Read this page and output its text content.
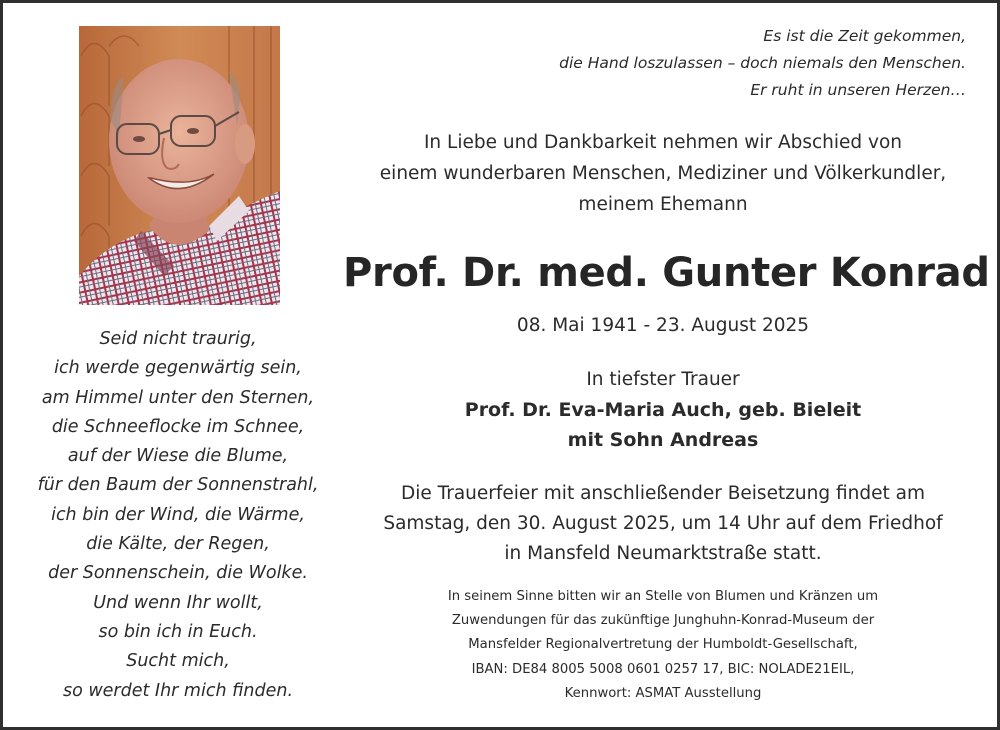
Es ist die Zeit gekommen,
die Hand loszulassen – doch niemals den Menschen.
Er ruht in unseren Herzen…
In Liebe und Dankbarkeit nehmen wir Abschied von
einem wunderbaren Menschen, Mediziner und Völkerkundler,
meinem Ehemann
Prof. Dr. med. Gunter Konrad
08. Mai 1941 - 23. August 2025
In tiefster Trauer
Prof. Dr. Eva-Maria Auch, geb. Bieleit
mit Sohn Andreas
Die Trauerfeier mit anschließender Beisetzung findet am
Samstag, den 30. August 2025, um 14 Uhr auf dem Friedhof
in Mansfeld Neumarktstraße statt.
In seinem Sinne bitten wir an Stelle von Blumen und Kränzen um
Zuwendungen für das zukünftige Junghuhn-Konrad-Museum der
Mansfelder Regionalvertretung der Humboldt-Gesellschaft,
IBAN: DE84 8005 5008 0601 0257 17, BIC: NOLADE21EIL,
Kennwort: ASMAT Ausstellung
Seid nicht traurig,
ich werde gegenwärtig sein,
am Himmel unter den Sternen,
die Schneeflocke im Schnee,
auf der Wiese die Blume,
für den Baum der Sonnenstrahl,
ich bin der Wind, die Wärme,
die Kälte, der Regen,
der Sonnenschein, die Wolke.
Und wenn Ihr wollt,
so bin ich in Euch.
Sucht mich,
so werdet Ihr mich finden.
